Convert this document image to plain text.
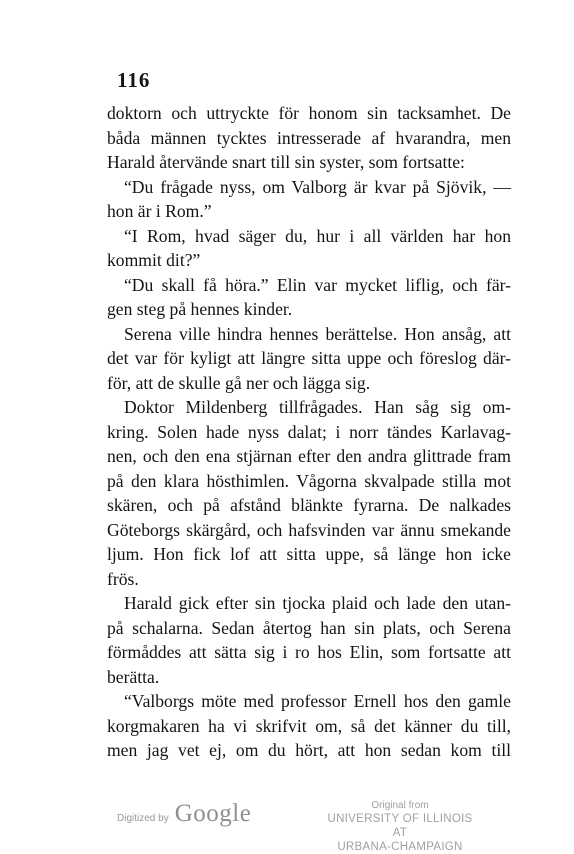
116
doktorn och uttryckte för honom sin tacksamhet. De
båda männen tycktes intresserade af hvarandra, men
Harald återvände snart till sin syster, som fortsatte:
“Du frågade nyss, om Valborg är kvar på Sjövik, —
hon är i Rom.”
“I Rom, hvad säger du, hur i all världen har hon
kommit dit?”
“Du skall få höra.” Elin var mycket liflig, och fär-
gen steg på hennes kinder.
Serena ville hindra hennes berättelse. Hon ansåg, att
det var för kyligt att längre sitta uppe och föreslog där-
för, att de skulle gå ner och lägga sig.
Doktor Mildenberg tillfrågades. Han såg sig om-
kring. Solen hade nyss dalat; i norr tändes Karlavag-
nen, och den ena stjärnan efter den andra glittrade fram
på den klara hösthimlen. Vågorna skvalpade stilla mot
skären, och på afstånd blänkte fyrarna. De nalkades
Göteborgs skärgård, och hafsvinden var ännu smekande
ljum. Hon fick lof att sitta uppe, så länge hon icke
frös.
Harald gick efter sin tjocka plaid och lade den utan-
på schalarna. Sedan återtog han sin plats, och Serena
förmåddes att sätta sig i ro hos Elin, som fortsatte att
berätta.
“Valborgs möte med professor Ernell hos den gamle
korgmakaren ha vi skrifvit om, så det känner du till,
men jag vet ej, om du hört, att hon sedan kom till
Digitized by Google	Original from
UNIVERSITY OF ILLINOIS AT
URBANA-CHAMPAIGN
